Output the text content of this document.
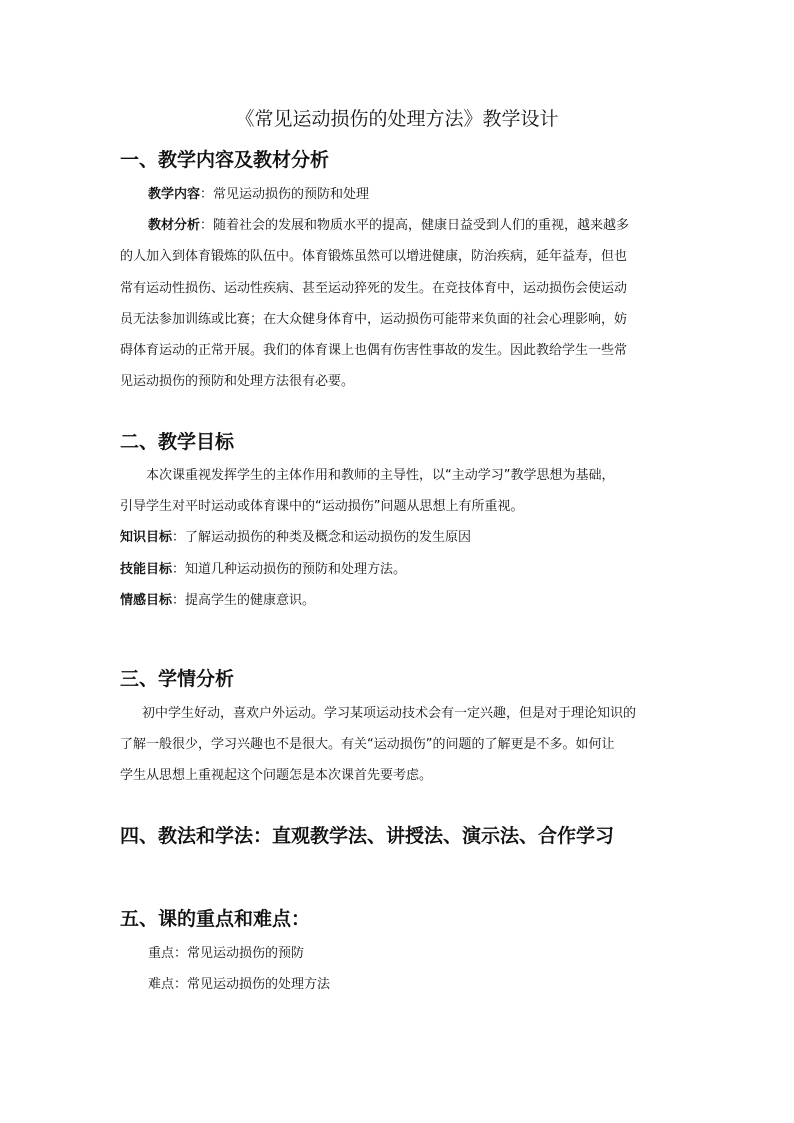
《常见运动损伤的处理方法》教学设计
一、教学内容及教材分析
教学内容：常见运动损伤的预防和处理
教材分析：随着社会的发展和物质水平的提高，健康日益受到人们的重视，越来越多
的人加入到体育锻炼的队伍中。体育锻炼虽然可以增进健康，防治疾病，延年益寿，但也
常有运动性损伤、运动性疾病、甚至运动猝死的发生。在竞技体育中，运动损伤会使运动
员无法参加训练或比赛；在大众健身体育中，运动损伤可能带来负面的社会心理影响，妨
碍体育运动的正常开展。我们的体育课上也偶有伤害性事故的发生。因此教给学生一些常
见运动损伤的预防和处理方法很有必要。
二、教学目标
本次课重视发挥学生的主体作用和教师的主导性，以“主动学习”教学思想为基础，
引导学生对平时运动或体育课中的“运动损伤”问题从思想上有所重视。
知识目标：了解运动损伤的种类及概念和运动损伤的发生原因
技能目标：知道几种运动损伤的预防和处理方法。
情感目标：提高学生的健康意识。
三、学情分析
初中学生好动，喜欢户外运动。学习某项运动技术会有一定兴趣，但是对于理论知识的
了解一般很少，学习兴趣也不是很大。有关“运动损伤”的问题的了解更是不多。如何让
学生从思想上重视起这个问题怎是本次课首先要考虑。
四、教法和学法：直观教学法、讲授法、演示法、合作学习
五、课的重点和难点：
重点：常见运动损伤的预防
难点：常见运动损伤的处理方法
